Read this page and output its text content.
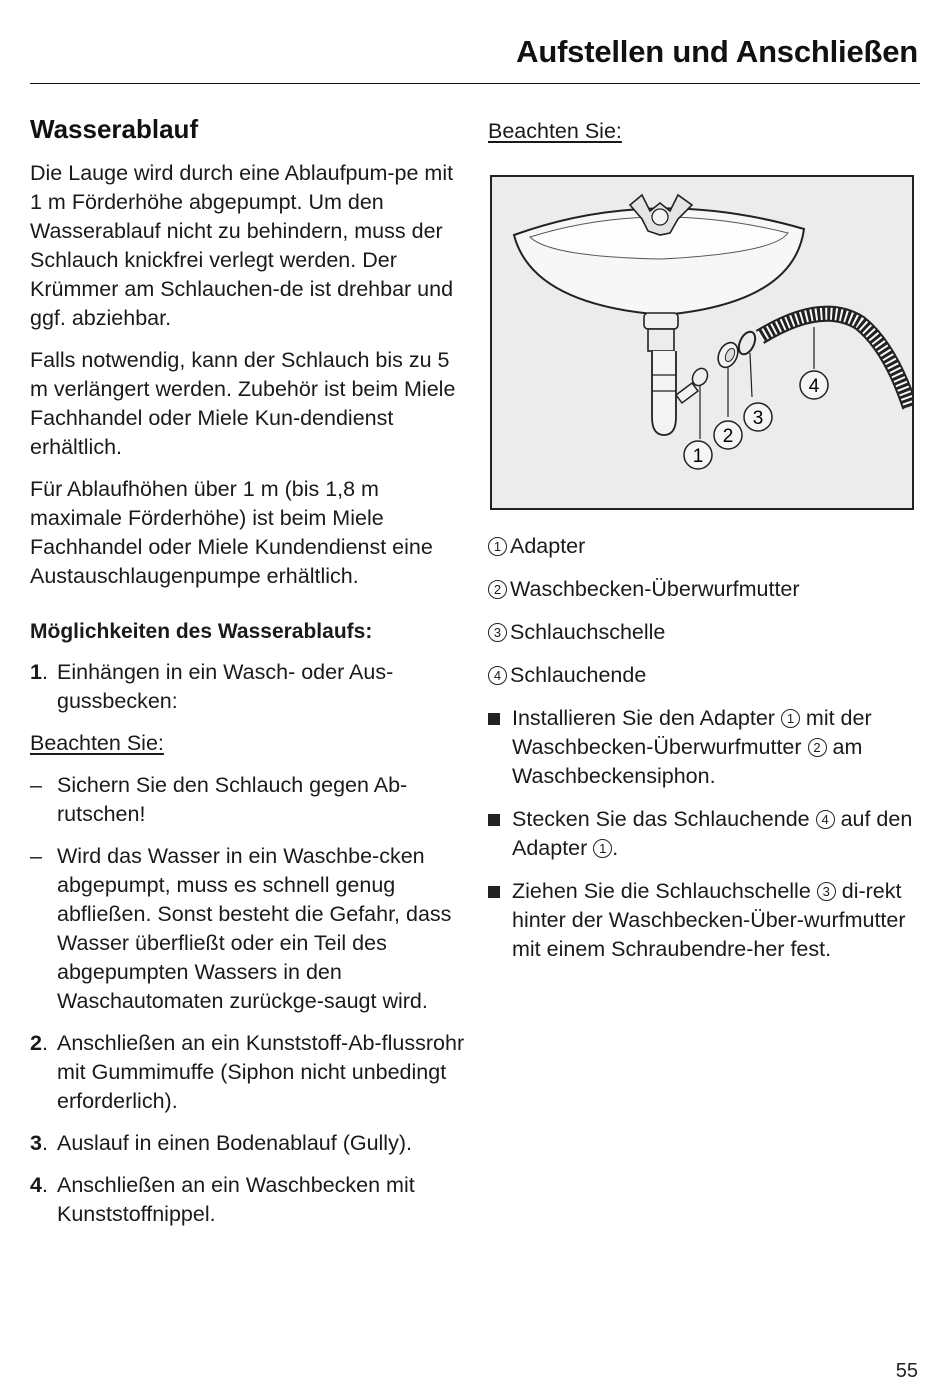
Aufstellen und Anschließen
Wasserablauf

Die Lauge wird durch eine Ablaufpum-pe mit 1 m Förderhöhe abgepumpt. Um den Wasserablauf nicht zu behindern, muss der Schlauch knickfrei verlegt werden. Der Krümmer am Schlauchen-de ist drehbar und ggf. abziehbar.

Falls notwendig, kann der Schlauch bis zu 5 m verlängert werden. Zubehör ist beim Miele Fachhandel oder Miele Kun-dendienst erhältlich.

Für Ablaufhöhen über 1 m (bis 1,8 m maximale Förderhöhe) ist beim Miele Fachhandel oder Miele Kundendienst eine Austauschlaugenpumpe erhältlich.

Möglichkeiten des Wasserablaufs:
1. Einhängen in ein Wasch- oder Aus-gussbecken:
Beachten Sie:
– Sichern Sie den Schlauch gegen Ab-rutschen!
– Wird das Wasser in ein Waschbe-cken abgepumpt, muss es schnell genug abfließen. Sonst besteht die Gefahr, dass Wasser überfließt oder ein Teil des abgepumpten Wassers in den Waschautomaten zurückge-saugt wird.
2. Anschließen an ein Kunststoff-Ab-flussrohr mit Gummimuffe (Siphon nicht unbedingt erforderlich).
3. Auslauf in einen Bodenablauf (Gully).
4. Anschließen an ein Waschbecken mit Kunststoffnippel.
Beachten Sie:
1
2
3
4
1 Adapter
2 Waschbecken-Überwurfmutter
3 Schlauchschelle
4 Schlauchende
Installieren Sie den Adapter 1 mit der Waschbecken-Überwurfmutter 2 am Waschbeckensiphon.
Stecken Sie das Schlauchende 4 auf den Adapter 1 .
Ziehen Sie die Schlauchschelle 3 di-rekt hinter der Waschbecken-Über-wurfmutter mit einem Schraubendre-her fest.
55
